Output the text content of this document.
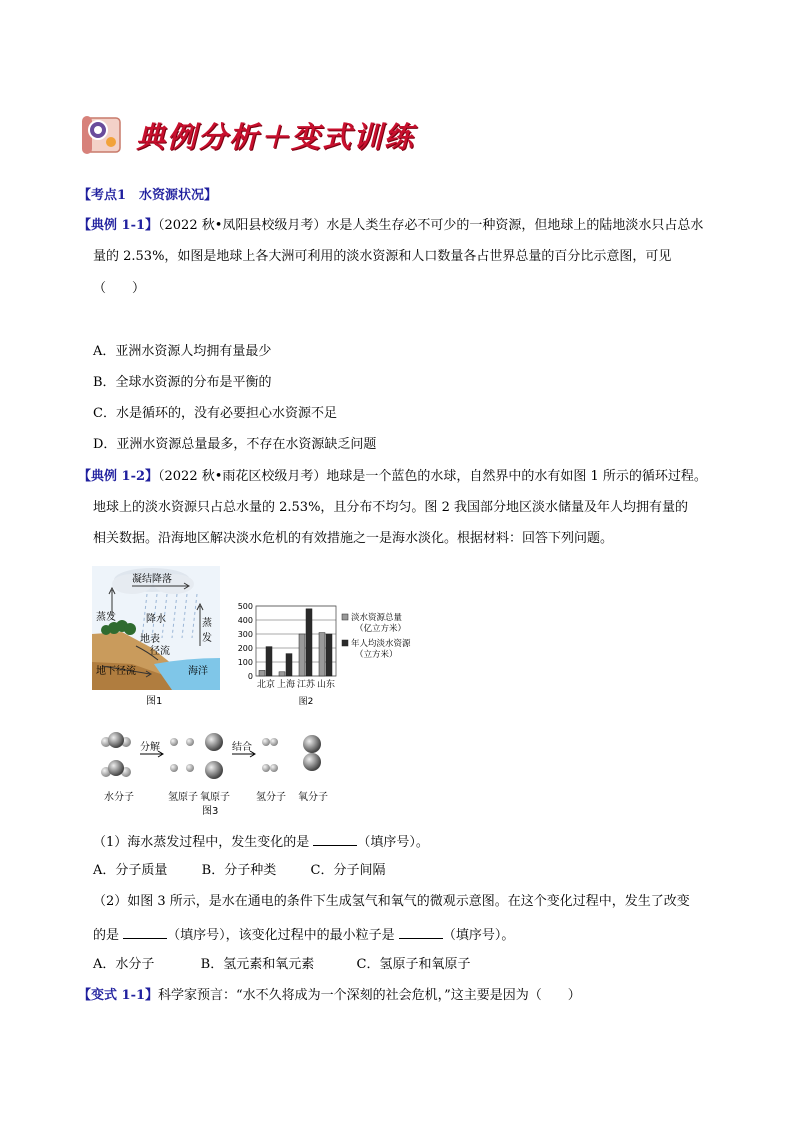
典例分析＋变式训练
【考点1　水资源状况】
【典例 1-1】（2022 秋•凤阳县校级月考）水是人类生存必不可少的一种资源，但地球上的陆地淡水只占总水
量的 2.53%，如图是地球上各大洲可利用的淡水资源和人口数量各占世界总量的百分比示意图，可见
（　　）
A．亚洲水资源人均拥有量最少
B．全球水资源的分布是平衡的
C．水是循环的，没有必要担心水资源不足
D．亚洲水资源总量最多，不存在水资源缺乏问题
【典例 1-2】（2022 秋•雨花区校级月考）地球是一个蓝色的水球，自然界中的水有如图 1 所示的循环过程。
地球上的淡水资源只占总水量的 2.53%，且分布不均匀。图 2 我国部分地区淡水储量及年人均拥有量的
相关数据。沿海地区解决淡水危机的有效措施之一是海水淡化。根据材料：回答下列问题。
凝结降落
蒸发	降水	蒸发
地表
径流
地下径流	海洋
图1
0
100
200
300
400
500
北京 上海 江苏 山东
淡水资源总量
（亿立方米）
年人均淡水资源
（立方米）
图2
分解	结合
水分子	氢原子 氧原子	氢分子 氧分子
图3
（1）海水蒸发过程中，发生变化的是	（填序号）。
A．分子质量	B．分子种类	C．分子间隔
（2）如图 3 所示，是水在通电的条件下生成氢气和氧气的微观示意图。在这个变化过程中，发生了改变
的是	（填序号），该变化过程中的最小粒子是	（填序号）。
A．水分子	B．氢元素和氧元素	C．氢原子和氧原子
【变式 1-1】科学家预言：“水不久将成为一个深刻的社会危机，”这主要是因为（　　）
